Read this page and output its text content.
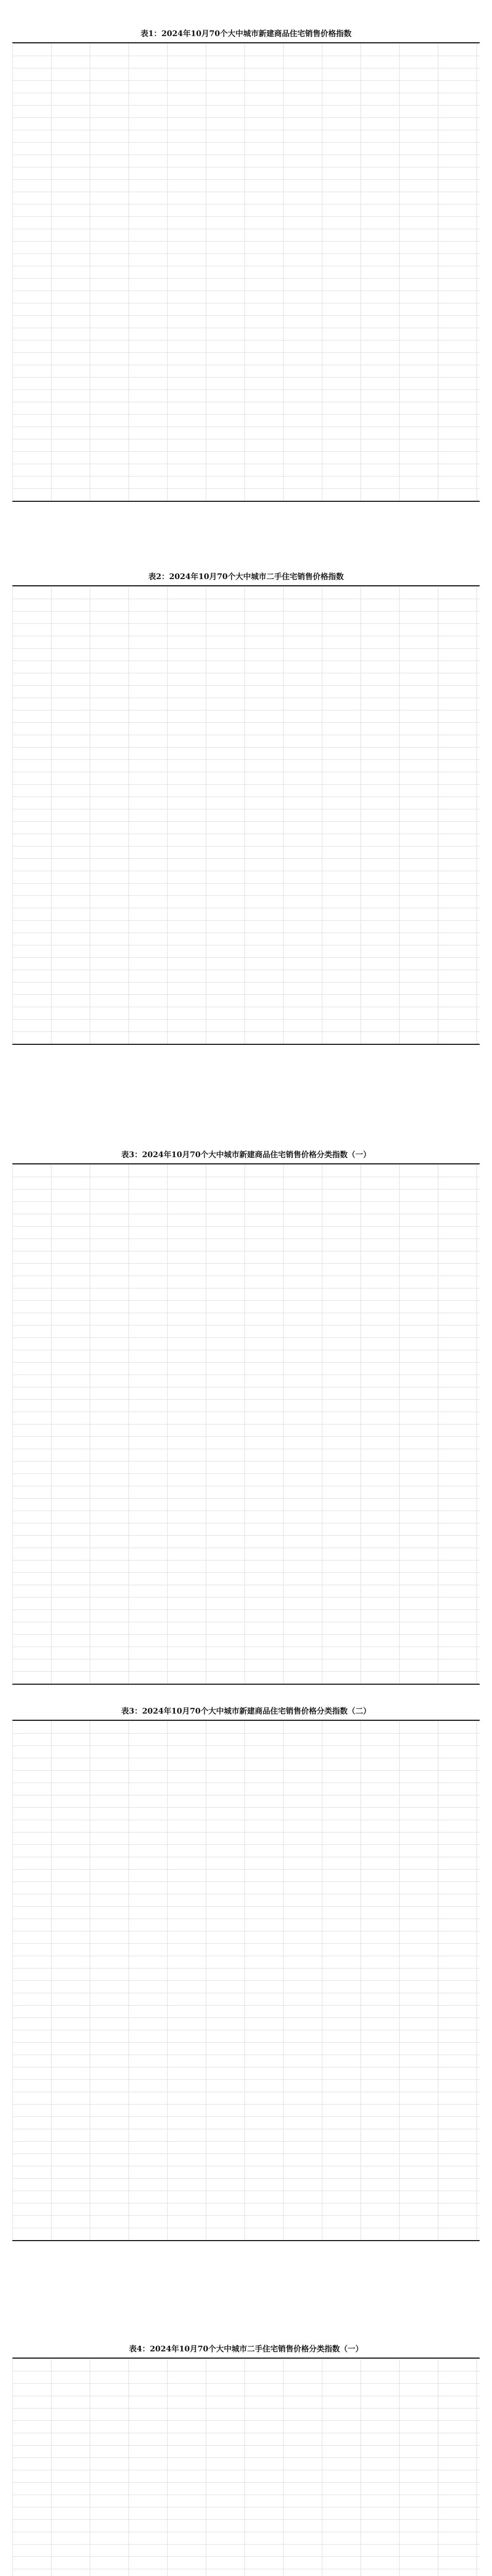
表1：2024年10月70个大中城市新建商品住宅销售价格指数
表2：2024年10月70个大中城市二手住宅销售价格指数
表3：2024年10月70个大中城市新建商品住宅销售价格分类指数（一）
表3：2024年10月70个大中城市新建商品住宅销售价格分类指数（二）
表4：2024年10月70个大中城市二手住宅销售价格分类指数（一）
